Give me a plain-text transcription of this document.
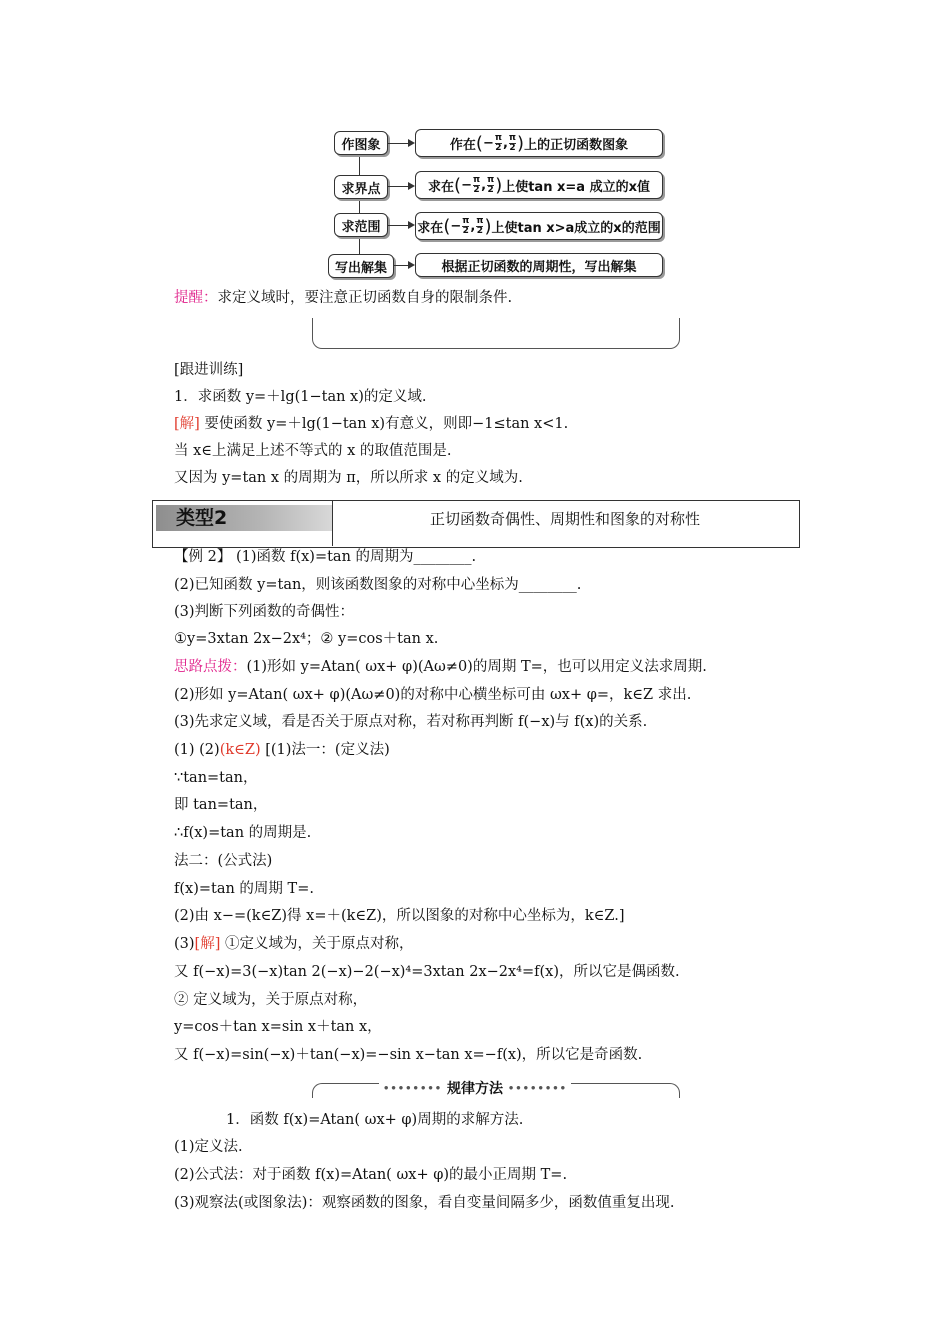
作图象	作在 ( − $\frac{\pi}{2}$ , $\frac{\pi}{2}$ ) 上的正切函数图象
求界点	求在 ( − $\frac{\pi}{2}$ , $\frac{\pi}{2}$ ) 上使tan x=a 成立的x值
求范围	求在 ( − $\frac{\pi}{2}$ , $\frac{\pi}{2}$ ) 上使tan x>a成立的x的范围
写出解集	根据正切函数的周期性，写出解集
提醒：求定义域时，要注意正切函数自身的限制条件.
[跟进训练]
1．求函数 y=＋lg(1−tan x)的定义域.
[解] 要使函数 y=＋lg(1−tan x)有意义，则即−1≤tan x<1.
当 x∈上满足上述不等式的 x 的取值范围是.
又因为 y=tan x 的周期为 π，所以所求 x 的定义域为.
类型2	正切函数奇偶性、周期性和图象的对称性
【例 2】 (1)函数 f(x)=tan 的周期为________.
(2)已知函数 y=tan，则该函数图象的对称中心坐标为________.
(3)判断下列函数的奇偶性：
①y=3xtan 2x−2x⁴；② y=cos＋tan x.
思路点拨：(1)形如 y=Atan( ωx+ φ)(Aω≠0)的周期 T=，也可以用定义法求周期.
(2)形如 y=Atan( ωx+ φ)(Aω≠0)的对称中心横坐标可由 ωx+ φ=，k∈Z 求出.
(3)先求定义域，看是否关于原点对称，若对称再判断 f(−x)与 f(x)的关系.
(1) (2)(k∈Z) [(1)法一：(定义法)
∵tan=tan，
即 tan=tan，
∴f(x)=tan 的周期是.
法二：(公式法)
f(x)=tan 的周期 T=.
(2)由 x−=(k∈Z)得 x=＋(k∈Z)，所以图象的对称中心坐标为，k∈Z.]
(3)[解] ①定义域为，关于原点对称，
又 f(−x)=3(−x)tan 2(−x)−2(−x)⁴=3xtan 2x−2x⁴=f(x)，所以它是偶函数.
② 定义域为，关于原点对称，
y=cos＋tan x=sin x＋tan x，
又 f(−x)=sin(−x)＋tan(−x)=−sin x−tan x=−f(x)，所以它是奇函数.
•••••••• 规律方法 ••••••••
1．函数 f(x)=Atan( ωx+ φ)周期的求解方法.
(1)定义法.
(2)公式法：对于函数 f(x)=Atan( ωx+ φ)的最小正周期 T=.
(3)观察法(或图象法)：观察函数的图象，看自变量间隔多少，函数值重复出现.
